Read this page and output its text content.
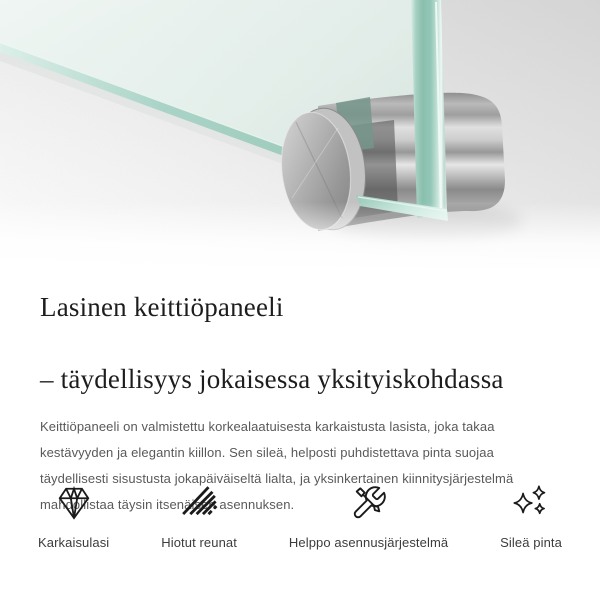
Lasinen keittiöpaneeli

– täydellisyys jokaisessa yksityiskohdassa

Keittiöpaneeli on valmistettu korkealaatuisesta karkaistusta lasista, joka takaa kestävyyden ja elegantin kiillon. Sen sileä, helposti puhdistettava pinta suojaa täydellisesti sisustusta jokapäiväiseltä lialta, ja yksinkertainen kiinnitysjärjestelmä mahdollistaa täysin itsenäisen asennuksen.

Karkaisulasi	Hiotut reunat	Helppo asennusjärjestelmä	Sileä pinta
